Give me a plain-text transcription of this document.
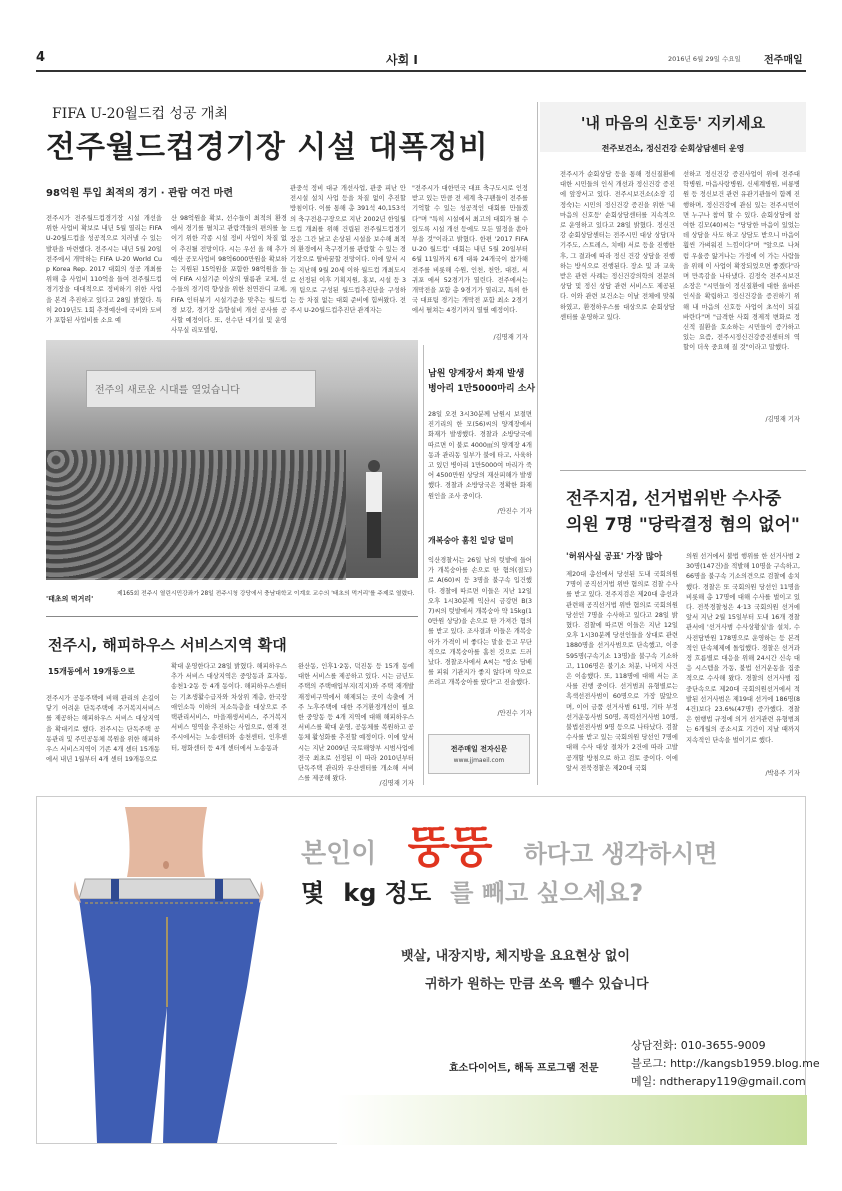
4	사회 I	2016년 6월 29일 수요일 전주매일
FIFA U-20월드컵 성공 개최
전주월드컵경기장 시설 대폭정비
98억원 투입 최적의 경기 · 관람 여건 마련
전주시가 전주월드컵경기장 시설 개선을 위한 사업비 확보로 내년 5월 열리는 FIFA U-20월드컵을 성공적으로 치러낼 수 있는 발판을 마련했다. 전주시는 내년 5월 20일 전주에서 개막하는 FIFA U-20 World Cup Korea Rep. 2017 대회의 성공 개최를 위해 총 사업비 110억을 들여 전주월드컵경기장을 대대적으로 정비하기 위한 사업을 본격 추진하고 있다고 28일 밝혔다. 특히 2019년도 1회 추경예산에 국비와 도비가 포함된 사업비를 소요 예
산 98억원을 확보, 선수들이 최적의 환경에서 경기를 펼치고 관람객들의 편의를 높이기 위한 각종 시설 정비 사업이 차질 없이 추진될 전망이다. 시는 우선 올 해 추가예산 공모사업비 98억6000만원을 확보하는 지원된 15억원을 포함한 98억원을 들여 FIFA 시설기준 이상의 필름관 교체, 선수들의 경기력 향상을 위한 천연잔디 교체, FIFA 인터뷰기 시설기준을 맞추는 월드컵경 보강, 경기장 음향설비 개선 공사를 공사할 예정이다. 또, 선수단 대기실 및 운영사무실 리모델링,
관중석 정비 대규 개선사업, 관중 피난 안전시설 설치 사업 등을 차질 없이 추진할 방침이다. 이를 통해 총 391석 40,153석의 축구전용구장으로 지난 2002년 한일월드컵 개최를 위해 건립된 전주월드컵경기장은 그간 낡고 손상된 시설을 보수해 최적의 환경에서 축구경기를 관람할 수 있는 경기장으로 탈바꿈할 전망이다. 이에 앞서 시는 지난해 9월 20세 이하 월드컵 개최도시로 선정된 이후 기획지원, 홍보, 시설 등 3개 팀으로 구성된 월드컵추진단을 구성하는 등 차질 없는 대회 준비에 힘써왔다. 전주시 U-20월드컵추진단 관계자는
"전주시가 대한민국 대표 축구도시로 인정받고 있는 만큼 전 세계 축구팬들이 전주를 기억할 수 있는 성공적인 대회를 만들겠다"며 "특히 시설에서 최고의 대회가 될 수 있도록 시설 개선 등에도 모든 열정을 쏟아 부을 것"이라고 밝혔다. 한편 '2017 FIFA U-20 월드컵' 대회는 내년 5월 20일부터 6월 11일까지 6개 대륙 24개국이 참가해 전주를 비롯해 수원, 인천, 천안, 대전, 서귀포 에서 52경기가 열린다. 전주에서는 개막전을 포함 총 9경기가 열리고, 특히 한국 대표팀 경기는 개막전 포함 최소 2경기에서 펼쳐는 4경기까지 열릴 예정이다.
/김명재 기자
전주의 새로운 시대를 열었습니다
'태초의 먹거리'
제165회 전주시 열린시민강좌가 28일 전주시청 강당에서 충남대학교 이계호 교수의 '태초의 먹거리'를 주제로 열렸다.
전주시, 해피하우스 서비스지역 확대
15개동에서 19개동으로
전주시가 공동주택에 비해 관리의 손길이 닿기 어려운 단독주택에 주거복지서비스를 제공하는 해피하우스 서비스 대상지역을 확대키로 했다. 전주시는 단독주택 공동관리 및 주민공동체 복원을 위한 해피하우스 서비스지역이 기존 4개 센터 15개동에서 내년 1월부터 4개 센터 19개동으로
확대 운영한다고 28일 밝혔다. 해피하우스 추가 서비스 대상지역은 중앙동과 효자동, 송천1·2동 등 4개 동이다. 해피하우스센터는 기초생활수급자와 차상위 계층, 한국장애인소득 이하의 저소득층을 대상으로 주택관리서비스, 마을재생서비스, 주거복지서비스 영역을 추진하는 사업으로, 현재 전주시에서는 노송센터와 송천센터, 인후센터, 평화센터 등 4개 센터에서 노송동과
완산동, 인후1·2동, 덕진동 등 15개 동에 대한 서비스를 제공하고 있다. 시는 금년도 주택의 주택매입부지(직지)와 주택 재개발재정비구역에서 해제되는 곳이 속출에 거주 노후주택에 대한 주거환경개선이 필요한 중앙동 등 4개 지역에 대해 해피하우스 서비스를 확대 운영, 공동체를 복원하고 공동체 활성화를 추진할 예정이다. 이에 앞서 시는 지난 2009년 국토해양부 시범사업에 전국 최초로 선정된 이 따라 2010년부터 단독주택 관리와 우산센터를 개소해 서비스를 제공해 왔다.
/김명재 기자
남원 양계장서 화재 발생
병아리 1만5000마리 소사
28일 오전 3시30분께 남원시 보절면 진기리의 한 모(56)씨의 양계장에서 화재가 발생했다. 경찰과 소방당국에 따르면 이 불로 4000㎡의 양계장 4개동과 관리동 일부가 불에 타고, 사육하고 있던 병아리 1만5000여 마리가 죽어 4500만원 상당의 재산피해가 발생했다. 경찰과 소방당국은 정확한 화재원인을 조사 중이다.
/안진수 기자
개복숭아 훔친 일당 덜미
익산경찰서는 26일 남의 텃밭에 들어가 개복숭아를 손으로 딴 혐의(절도)로 A(60)씨 등 3명을 불구속 입건했다. 경찰에 따르면 이들은 지난 12일 오후 1시30분께 익산시 금강면 B(37)씨의 텃밭에서 개복숭아 약 15kg(10만원 상당)을 손으로 딴 가져간 혐의를 받고 있다. 조사결과 이들은 개복숭아가 가격이 비 좋다는 말을 듣고 무단적으로 개복숭아를 훔친 것으로 드러났다. 경찰조사에서 A씨는 "땅소 담배를 피워 기관지가 좋지 않다며 약으로 쓰려고 개복숭아를 땄다"고 진술했다.
/안진수 기자
전주매일 전자신문
www.jjmaeil.com
'내 마음의 신호등' 지키세요
전주보건소, 정신건강 순회상담센터 운영
전주시가 순회상담 등을 통해 정신질환에 대한 시민들의 인식 개선과 정신건강 증진에 앞장서고 있다. 전주시보건소(소장 김정숙)는 시민의 정신건강 증진을 위한 '내 마음의 신호등' 순회상담센터를 지속적으로 운영하고 있다고 28일 밝혔다. 정신건강 순회상담센터는 전주시민 대상 상담(자기주도, 스트레스, 치매) 서로 등을 진행한 후, 그 결과에 따라 정신 건강 상담을 진행하는 방식으로 진행된다. 장소 및 과 교육받은 관련 사례는 정신건강의학의 전문의 상담 및 정신 상담 관련 서비스도 제공된다. 이와 관련 보건소는 이날 전체에 맞춰 하였고, 환경하우스를 대상으로 순회상담센터를 운영하고 있다.
선하고 정신건강 증진사업이 위에 전주대학병원, 마음사랑병원, 신세계병원, 비룡병원 등 정신보건 관련 유관기관들이 함께 진행하며, 정신건강에 관심 있는 전주시민이면 누구나 참여 할 수 있다. 순회상담에 참여한 김모(40)씨는 "당당한 마음이 있었는데 상담을 사도 하고 상담도 받으니 마음이 훨씬 가벼워진 느낌이다"며 "앞으로 나처럼 우울증 앓거나는 가정에 이 가는 사람들을 위해 이 사업이 확장되었으면 좋겠다"라며 만족감을 나타냈다. 김정숙 전주시보건소장은 "시민들이 정신질환에 대한 올바른 인식을 확립하고 정신건강을 증진하기 위해 내 마음의 신호등 사업이 초석이 되길 바란다"며 "급격한 사회 경제적 변화로 정신적 질환을 호소하는 시민들이 증가하고 있는 요즘, 전주시정신건강증진센터의 역할이 더욱 중요해 질 것"이라고 말했다.
/김명재 기자
전주지검, 선거법위반 수사중
의원 7명 "당락결정 혐의 없어"
'허위사실 공표' 가장 많아
제20대 총선에서 당선된 도내 국회의원 7명이 공직선거법 위반 혐의로 검찰 수사를 받고 있다. 전주지검은 제20대 총선과 관련해 공직선거법 위반 혐의로 국회의원 당선인 7명을 수사하고 있다고 28일 밝혔다. 검찰에 따르면 이들은 지난 12일 오후 1시30분께 당선인들을 상대로 관련 1880명을 선거사범으로 단속했고, 이중 595명(구속기소 13명)을 불구속 기소하고, 1106명은 불기소 처분, 나머지 사건은 이송했다. 또, 118명에 대해 서는 조사를 진행 중이다. 선거범죄 유형별로는 흑색선전사범이 60명으로 가장 많았으며, 이어 금품 선거사범 61명, 기타 부정선거운동사범 50명, 폭력선거사범 10명, 불법선전사범 9명 등으로 나타났다. 검찰 수사를 받고 있는 국회의원 당선인 7명에 대해 수사 대상 절차가 2건에 따라 고발 공개할 방침으로 하고 검토 중이다. 이에 앞서 전북경찰은 제20대 국회
의원 선거에서 불법 행위를 한 선거사범 230명(147건)을 적발해 10명을 구속하고, 66명을 불구속 기소의견으로 검찰에 송치했다. 경찰은 또 국회의원 당선인 11명을 비롯해 총 17명에 대해 수사를 벌이고 있다. 전북경찰청은 4·13 국회의원 선거에 앞서 지난 2월 15일부터 도내 16개 경찰관서에 '선거사범 수사상황실'을 설치, 수사전담반원 178명으로 운영하는 등 본격적인 단속체제에 돌입했다. 경찰은 선거과정 흐름별로 대응을 위해 24시간 신속 대응 시스템을 가동, 불법 선거운동을 집중적으로 수사해 왔다. 경찰의 선거사범 집중단속으로 제20대 국회의원선거에서 적발된 선거사범은 제19대 선거에 186명(84건)보다 23.6%(47명) 증가했다. 경찰은 현행법 규정에 의거 선거관련 유형범죄는 6개월의 공소시효 기간이 지날 때까지 지속적인 단속을 벌이기로 했다.
/박용주 기자
본인이 뚱뚱 하다고 생각하시면
몇 kg 정도 를 빼고 싶으세요?
뱃살, 내장지방, 체지방을 요요현상 없이
귀하가 원하는 만큼 쏘옥 뺄수 있습니다
효소다이어트, 해독 프로그램 전문
상담전화: 010-3655-9009
블로그: http://kangsb1959.blog.me
메일: ndtherapy119@gmail.com
